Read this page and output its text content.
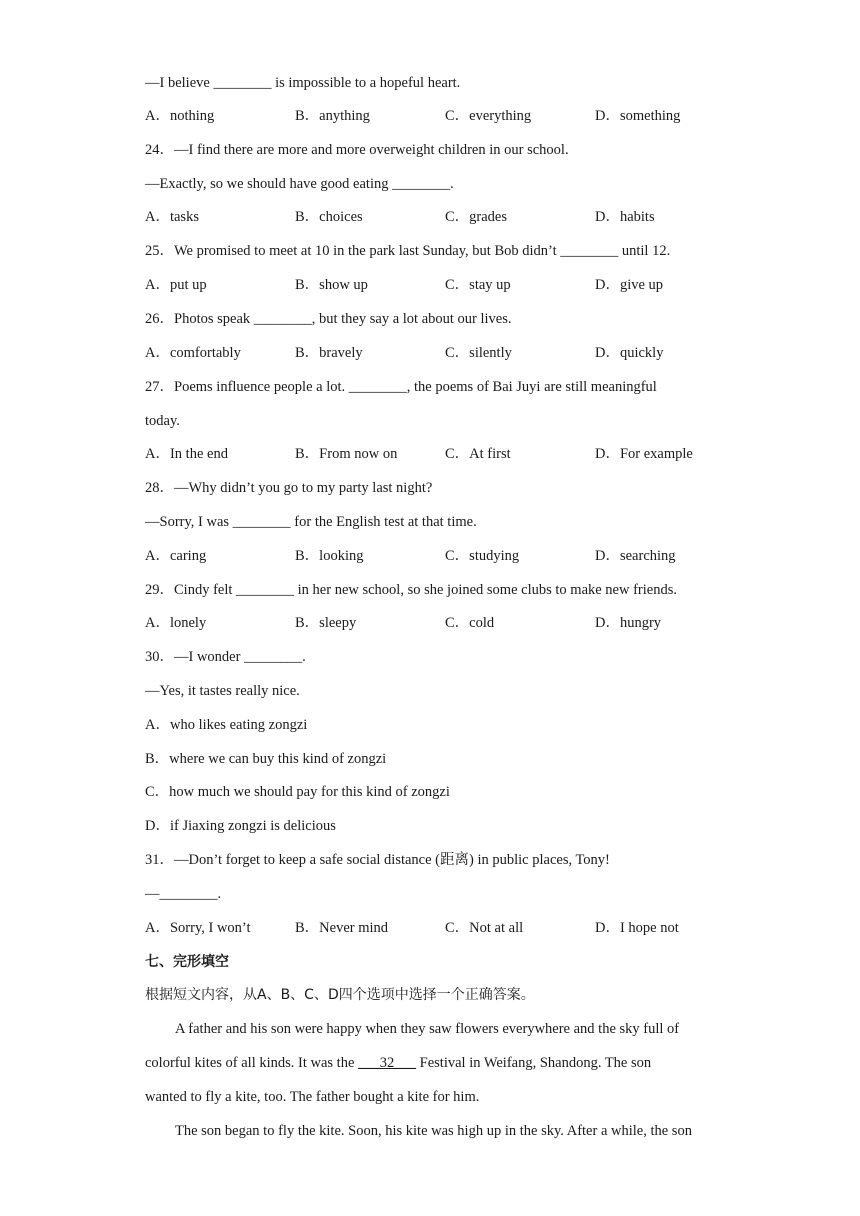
—I believe ________ is impossible to a hopeful heart.
A．nothing	B．anything	C．everything	D．something
24．—I find there are more and more overweight children in our school.
—Exactly, so we should have good eating ________.
A．tasks	B．choices	C．grades	D．habits
25．We promised to meet at 10 in the park last Sunday, but Bob didn’t ________ until 12.
A．put up	B．show up	C．stay up	D．give up
26．Photos speak ________, but they say a lot about our lives.
A．comfortably	B．bravely	C．silently	D．quickly
27．Poems influence people a lot. ________, the poems of Bai Juyi are still meaningful
today.
A．In the end	B．From now on	C．At first	D．For example
28．—Why didn’t you go to my party last night?
—Sorry, I was ________ for the English test at that time.
A．caring	B．looking	C．studying	D．searching
29．Cindy felt ________ in her new school, so she joined some clubs to make new friends.
A．lonely	B．sleepy	C．cold	D．hungry
30．—I wonder ________.
—Yes, it tastes really nice.
A．who likes eating zongzi
B．where we can buy this kind of zongzi
C．how much we should pay for this kind of zongzi
D．if Jiaxing zongzi is delicious
31．—Don’t forget to keep a safe social distance (距离) in public places, Tony!
—________.
A．Sorry, I won’t	B．Never mind	C．Not at all	D．I hope not
七、完形填空
根据短文内容，从A、B、C、D四个选项中选择一个正确答案。
A father and his son were happy when they saw flowers everywhere and the sky full of
colorful kites of all kinds. It was the ___32___ Festival in Weifang, Shandong. The son
wanted to fly a kite, too. The father bought a kite for him.
The son began to fly the kite. Soon, his kite was high up in the sky. After a while, the son
